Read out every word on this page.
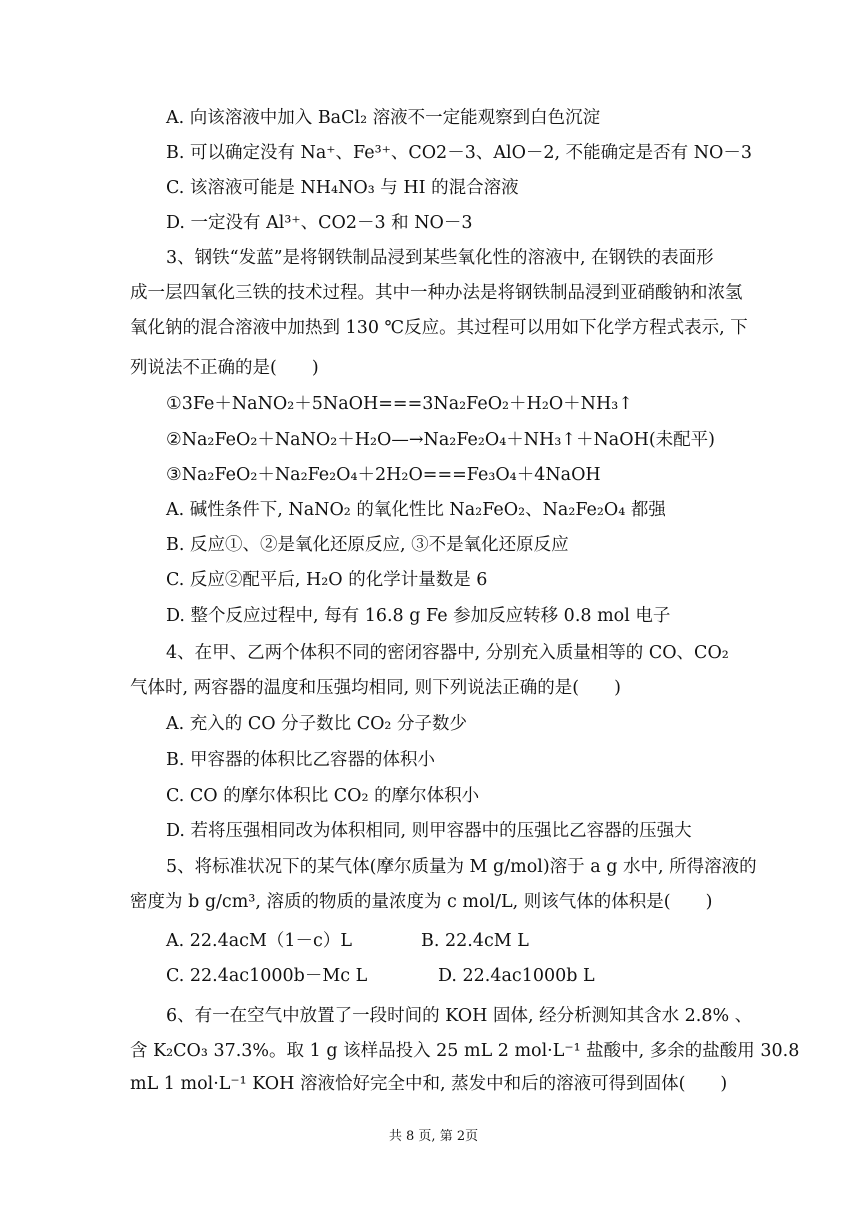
A. 向该溶液中加入 BaCl₂ 溶液不一定能观察到白色沉淀
B. 可以确定没有 Na⁺、Fe³⁺、CO2－3、AlO－2, 不能确定是否有 NO－3
C. 该溶液可能是 NH₄NO₃ 与 HI 的混合溶液
D. 一定没有 Al³⁺、CO2－3 和 NO－3
3、钢铁“发蓝”是将钢铁制品浸到某些氧化性的溶液中, 在钢铁的表面形
成一层四氧化三铁的技术过程。其中一种办法是将钢铁制品浸到亚硝酸钠和浓氢
氧化钠的混合溶液中加热到 130 ℃反应。其过程可以用如下化学方程式表示, 下
列说法不正确的是(　　)
①3Fe＋NaNO₂＋5NaOH===3Na₂FeO₂＋H₂O＋NH₃↑
②Na₂FeO₂＋NaNO₂＋H₂O—→Na₂Fe₂O₄＋NH₃↑＋NaOH(未配平)
③Na₂FeO₂＋Na₂Fe₂O₄＋2H₂O===Fe₃O₄＋4NaOH
A. 碱性条件下, NaNO₂ 的氧化性比 Na₂FeO₂、Na₂Fe₂O₄ 都强
B. 反应①、②是氧化还原反应, ③不是氧化还原反应
C. 反应②配平后, H₂O 的化学计量数是 6
D. 整个反应过程中, 每有 16.8 g Fe 参加反应转移 0.8 mol 电子
4、在甲、乙两个体积不同的密闭容器中, 分别充入质量相等的 CO、CO₂
气体时, 两容器的温度和压强均相同, 则下列说法正确的是(　　)
A. 充入的 CO 分子数比 CO₂ 分子数少
B. 甲容器的体积比乙容器的体积小
C. CO 的摩尔体积比 CO₂ 的摩尔体积小
D. 若将压强相同改为体积相同, 则甲容器中的压强比乙容器的压强大
5、将标准状况下的某气体(摩尔质量为 M g/mol)溶于 a g 水中, 所得溶液的
密度为 b g/cm³, 溶质的物质的量浓度为 c mol/L, 则该气体的体积是(　　)
A. 22.4acM（1－c）L	B. 22.4cM L
C. 22.4ac1000b－Mc L	D. 22.4ac1000b L
6、有一在空气中放置了一段时间的 KOH 固体, 经分析测知其含水 2.8% 、
含 K₂CO₃ 37.3%。取 1 g 该样品投入 25 mL 2 mol·L⁻¹ 盐酸中, 多余的盐酸用 30.8
mL 1 mol·L⁻¹ KOH 溶液恰好完全中和, 蒸发中和后的溶液可得到固体(　　)
共 8 页, 第 2页
